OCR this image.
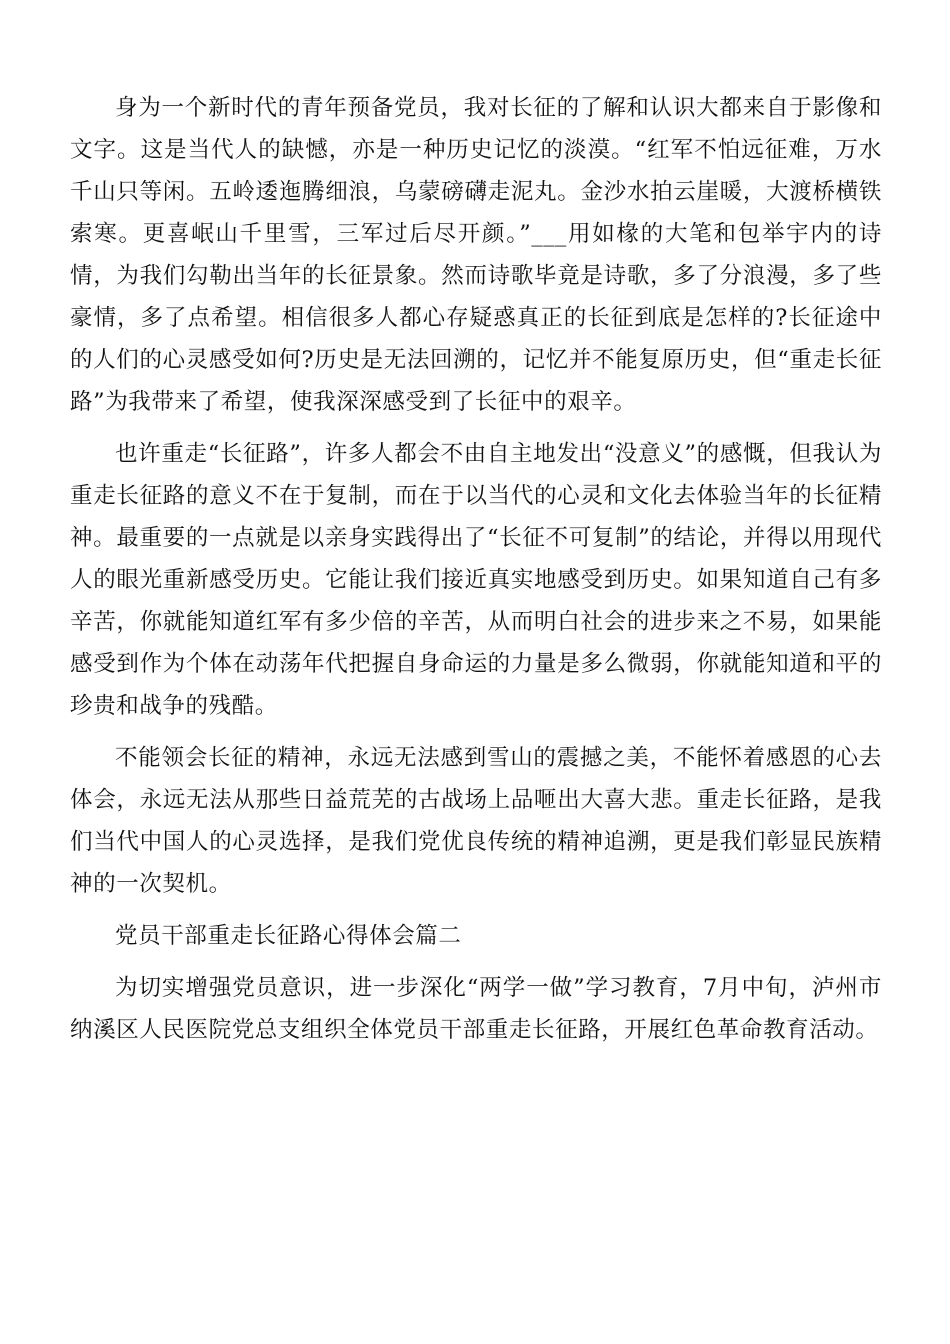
身为一个新时代的青年预备党员，我对长征的了解和认识大都来自于影像和文字。这是当代人的缺憾，亦是一种历史记忆的淡漠。“红军不怕远征难，万水千山只等闲。五岭逶迤腾细浪，乌蒙磅礴走泥丸。金沙水拍云崖暖，大渡桥横铁索寒。更喜岷山千里雪，三军过后尽开颜。”___用如椽的大笔和包举宇内的诗情，为我们勾勒出当年的长征景象。然而诗歌毕竟是诗歌，多了分浪漫，多了些豪情，多了点希望。相信很多人都心存疑惑真正的长征到底是怎样的?长征途中的人们的心灵感受如何?历史是无法回溯的，记忆并不能复原历史，但“重走长征路”为我带来了希望，使我深深感受到了长征中的艰辛。

也许重走“长征路”，许多人都会不由自主地发出“没意义”的感慨，但我认为重走长征路的意义不在于复制，而在于以当代的心灵和文化去体验当年的长征精神。最重要的一点就是以亲身实践得出了“长征不可复制”的结论，并得以用现代人的眼光重新感受历史。它能让我们接近真实地感受到历史。如果知道自己有多辛苦，你就能知道红军有多少倍的辛苦，从而明白社会的进步来之不易，如果能感受到作为个体在动荡年代把握自身命运的力量是多么微弱，你就能知道和平的珍贵和战争的残酷。

不能领会长征的精神，永远无法感到雪山的震撼之美，不能怀着感恩的心去体会，永远无法从那些日益荒芜的古战场上品咂出大喜大悲。重走长征路，是我们当代中国人的心灵选择，是我们党优良传统的精神追溯，更是我们彰显民族精神的一次契机。

党员干部重走长征路心得体会篇二

为切实增强党员意识，进一步深化“两学一做”学习教育，7月中旬，泸州市纳溪区人民医院党总支组织全体党员干部重走长征路，开展红色革命教育活动。
